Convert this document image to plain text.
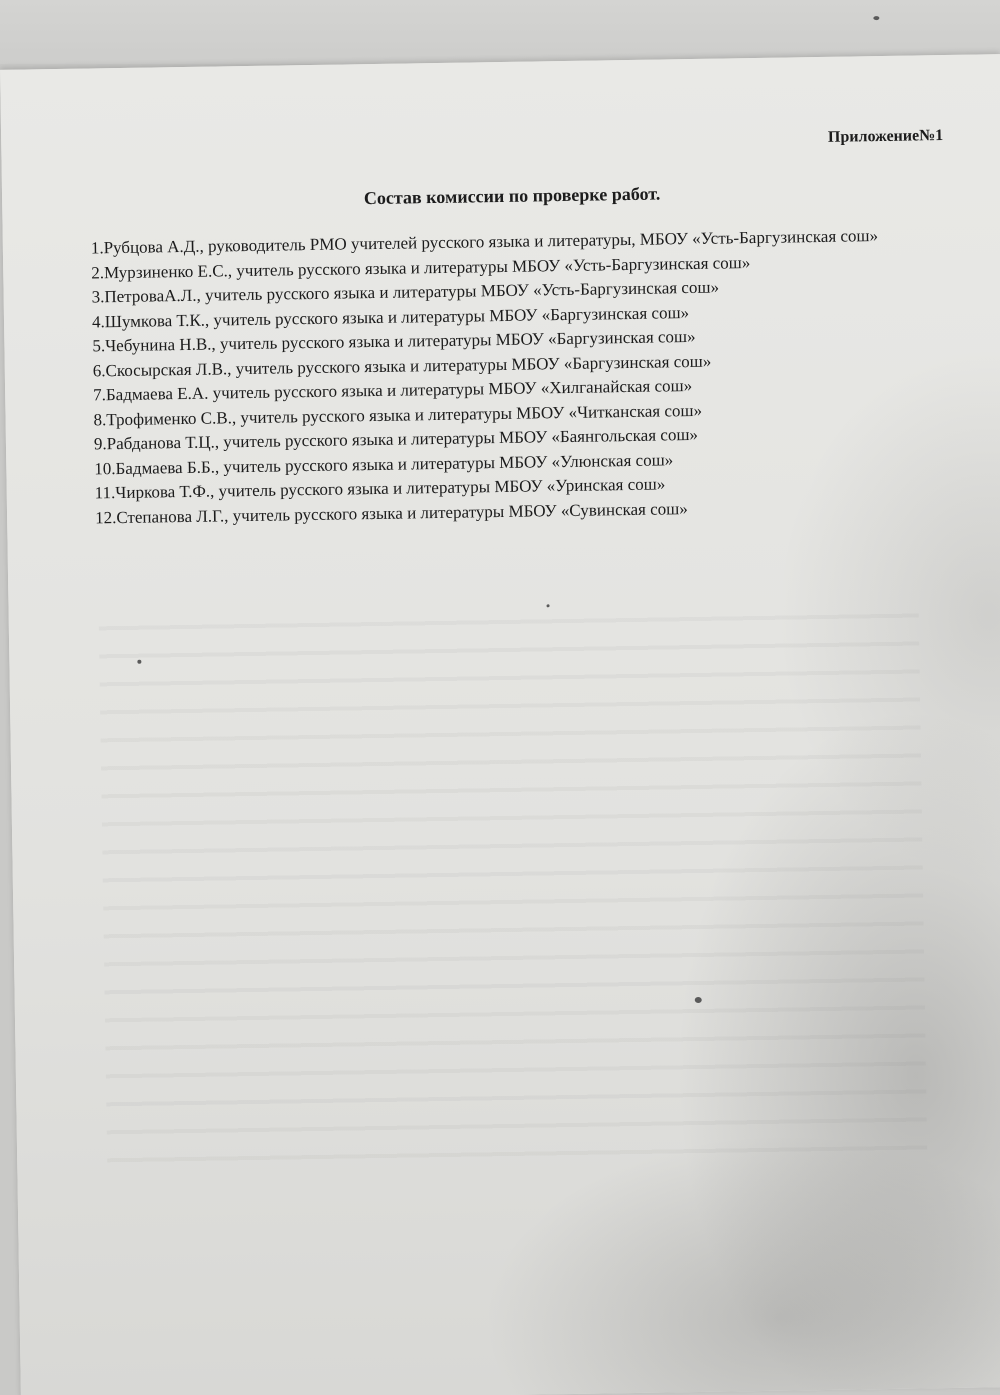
Приложение№1
Состав комиссии по проверке работ.
1.Рубцова А.Д., руководитель РМО учителей русского языка и литературы, МБОУ «Усть-Баргузинская сош»
2.Мурзиненко Е.С., учитель русского языка и литературы МБОУ «Усть-Баргузинская сош»
3.ПетроваА.Л., учитель русского языка и литературы МБОУ «Усть-Баргузинская сош»
4.Шумкова Т.К., учитель русского языка и литературы МБОУ «Баргузинская сош»
5.Чебунина Н.В., учитель русского языка и литературы МБОУ «Баргузинская сош»
6.Скосырская Л.В., учитель русского языка и литературы МБОУ «Баргузинская сош»
7.Бадмаева Е.А. учитель русского языка и литературы МБОУ «Хилганайская сош»
8.Трофименко С.В., учитель русского языка и литературы МБОУ «Читканская сош»
9.Рабданова Т.Ц., учитель русского языка и литературы МБОУ «Баянгольская сош»
10.Бадмаева Б.Б., учитель русского языка и литературы МБОУ «Улюнская сош»
11.Чиркова Т.Ф., учитель русского языка и литературы МБОУ «Уринская сош»
12.Степанова Л.Г., учитель русского языка и литературы МБОУ «Сувинская сош»
